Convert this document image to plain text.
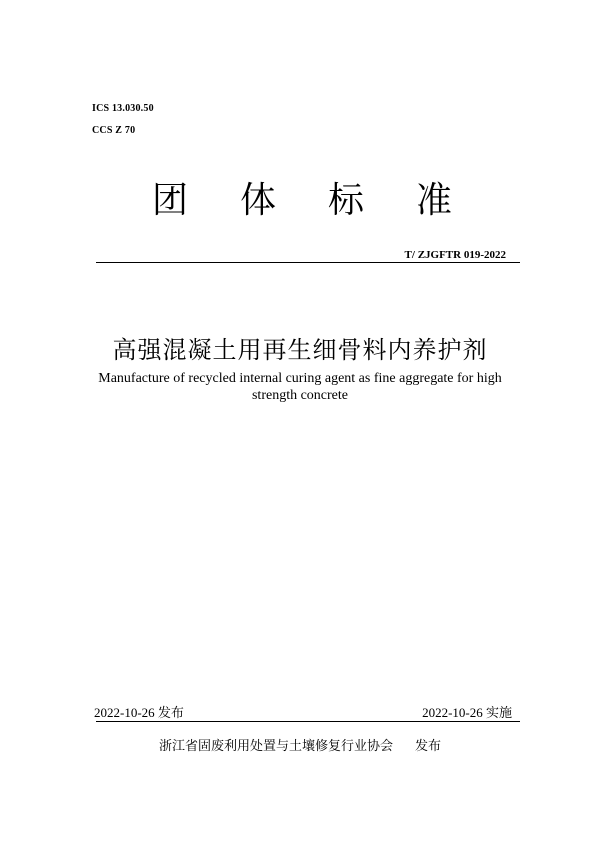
ICS 13.030.50
CCS Z 70
团体标准
T/ ZJGFTR 019-2022
高强混凝土用再生细骨料内养护剂
Manufacture of recycled internal curing agent as fine aggregate for high strength concrete
2022-10-26 发布	2022-10-26 实施
浙江省固废利用处置与土壤修复行业协会 发布
